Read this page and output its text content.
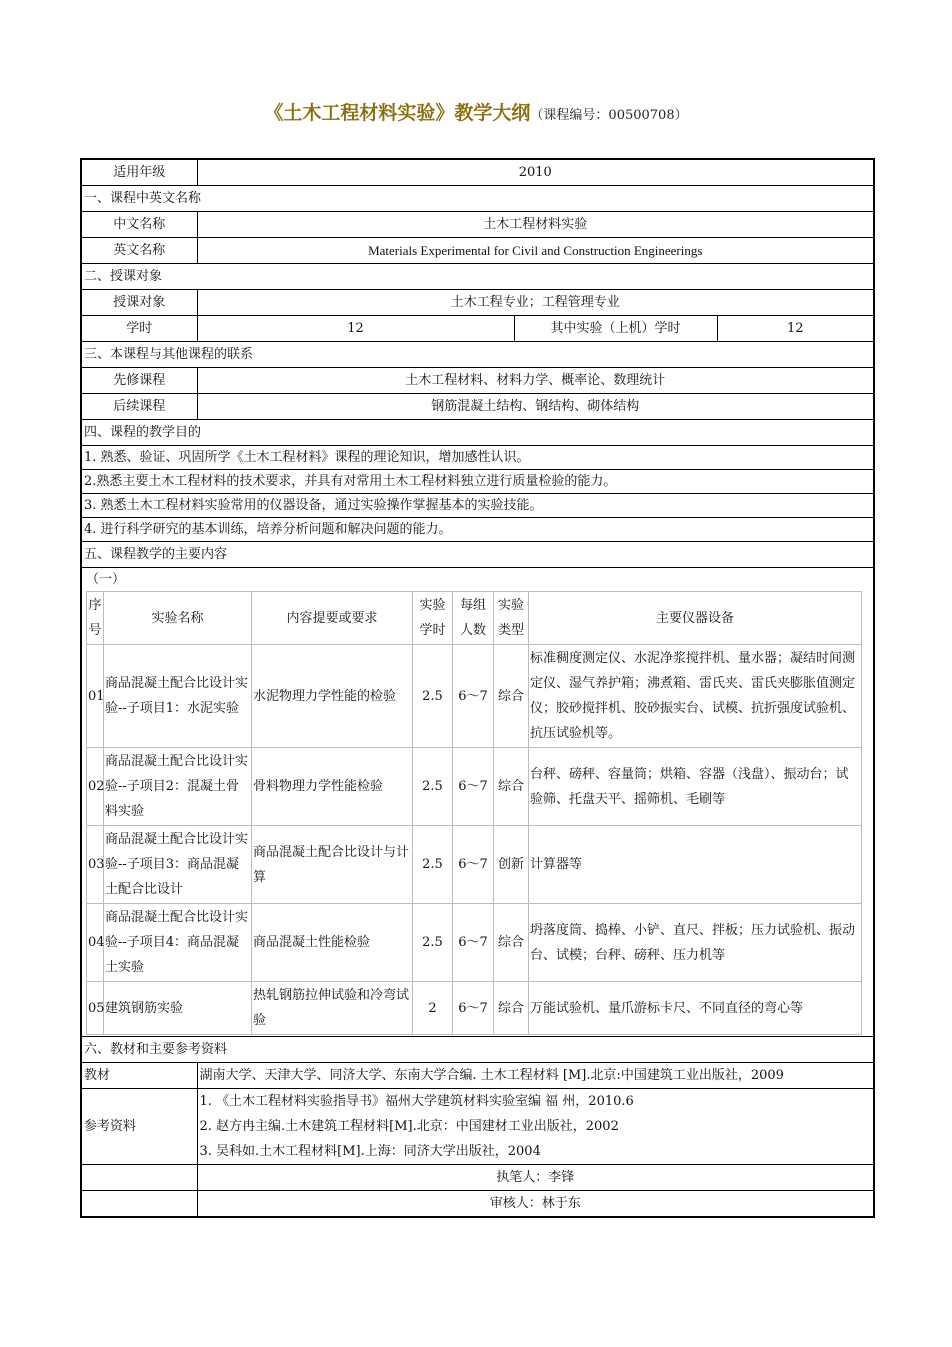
《土木工程材料实验》教学大纲（课程编号：00500708）
适用年级	2010
一、课程中英文名称
中文名称	土木工程材料实验
英文名称	Materials Experimental for Civil and Construction Engineerings
二、授课对象
授课对象	土木工程专业；工程管理专业
学时	12	其中实验（上机）学时	12
三、本课程与其他课程的联系
先修课程	土木工程材料、材料力学、概率论、数理统计
后续课程	钢筋混凝土结构、钢结构、砌体结构
四、课程的教学目的
1. 熟悉、验证、巩固所学《土木工程材料》课程的理论知识，增加感性认识。
2.熟悉主要土木工程材料的技术要求，并具有对常用土木工程材料独立进行质量检验的能力。
3. 熟悉土木工程材料实验常用的仪器设备，通过实验操作掌握基本的实验技能。
4. 进行科学研究的基本训练，培养分析问题和解决问题的能力。
五、课程教学的主要内容

（一）
序号	实验名称	内容提要或要求	实验学时	每组人数	实验类型	主要仪器设备
01	商品混凝土配合比设计实验--子项目1：水泥实验	水泥物理力学性能的检验	2.5	6～7	综合	标准稠度测定仪、水泥净浆搅拌机、量水器；凝结时间测定仪、湿气养护箱；沸煮箱、雷氏夹、雷氏夹膨胀值测定仪；胶砂搅拌机、胶砂振实台、试模、抗折强度试验机、抗压试验机等。
02	商品混凝土配合比设计实验--子项目2：混凝土骨料实验	骨料物理力学性能检验	2.5	6～7	综合	台秤、磅秤、容量筒；烘箱、容器（浅盘）、振动台；试验筛、托盘天平、摇筛机、毛刷等
03	商品混凝土配合比设计实验--子项目3：商品混凝土配合比设计	商品混凝土配合比设计与计算	2.5	6～7	创新	计算器等
04	商品混凝土配合比设计实验--子项目4：商品混凝土实验	商品混凝土性能检验	2.5	6～7	综合	坍落度筒、捣棒、小铲、直尺、拌板；压力试验机、振动台、试模；台秤、磅秤、压力机等
05	建筑钢筋实验	热轧钢筋拉伸试验和冷弯试验	2	6～7	综合	万能试验机、量爪游标卡尺、不同直径的弯心等

六、教材和主要参考资料
教材	湖南大学、天津大学、同济大学、东南大学合编. 土木工程材料 [M].北京:中国建筑工业出版社，2009
参考资料	
1. 《土木工程材料实验指导书》福州大学建筑材料实验室编 福 州，2010.6
2. 赵方冉主编.土木建筑工程材料[M].北京：中国建材工业出版社，2002
3. 吴科如.土木工程材料[M].上海：同济大学出版社，2004

	执笔人：李锋
	审核人：林于东
